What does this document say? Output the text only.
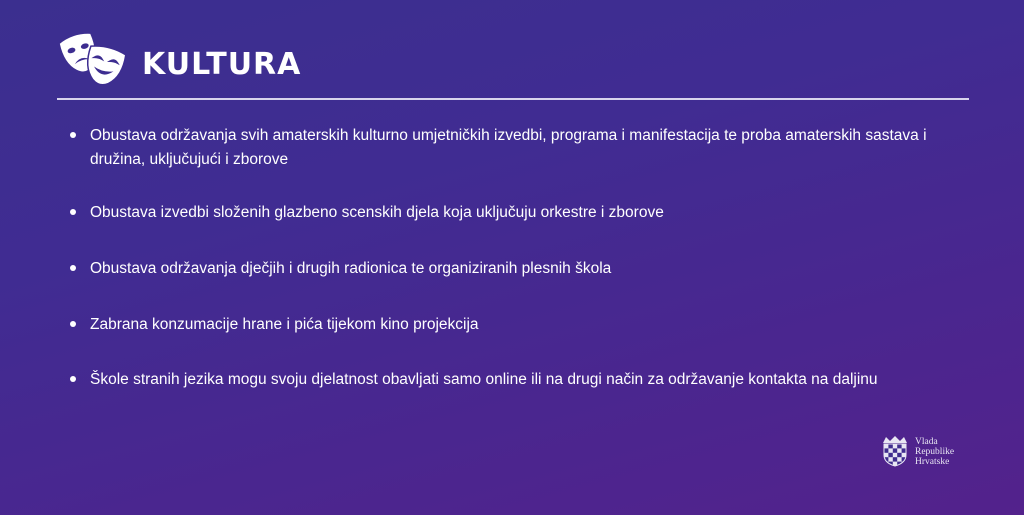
KULTURA
Obustava održavanja svih amaterskih kulturno umjetničkih izvedbi, programa i manifestacija te proba amaterskih sastava i družina, uključujući i zborove
Obustava izvedbi složenih glazbeno scenskih djela koja uključuju orkestre i zborove
Obustava održavanja dječjih i drugih radionica te organiziranih plesnih škola
Zabrana konzumacije hrane i pića tijekom kino projekcija
Škole stranih jezika mogu svoju djelatnost obavljati samo online ili na drugi način za održavanje kontakta na daljinu
Vlada
Republike
Hrvatske
